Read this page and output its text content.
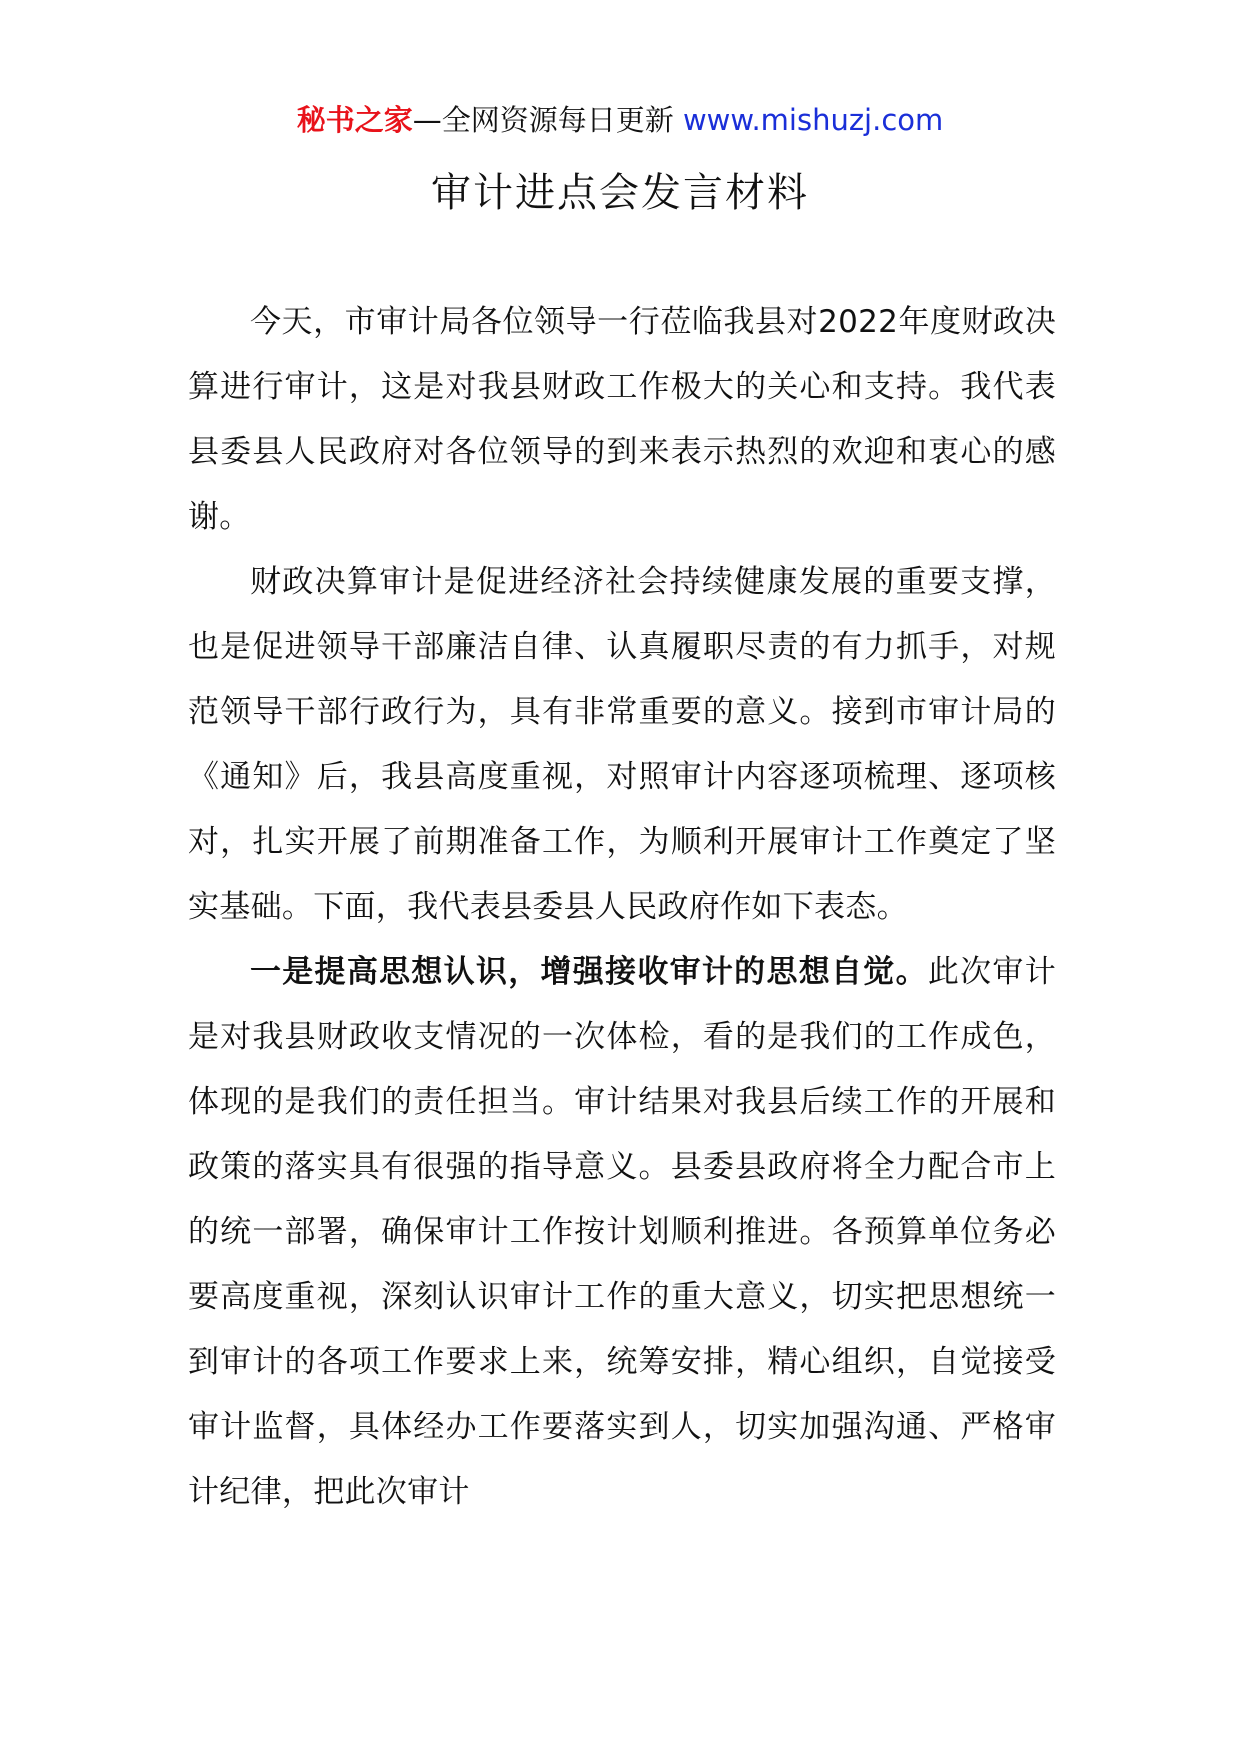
秘书之家—全网资源每日更新 www.mishuzj.com
审计进点会发言材料

今天，市审计局各位领导一行莅临我县对2022年度财政决算进行审计，这是对我县财政工作极大的关心和支持。我代表县委县人民政府对各位领导的到来表示热烈的欢迎和衷心的感谢。

财政决算审计是促进经济社会持续健康发展的重要支撑，也是促进领导干部廉洁自律、认真履职尽责的有力抓手，对规范领导干部行政行为，具有非常重要的意义。接到市审计局的《通知》后，我县高度重视，对照审计内容逐项梳理、逐项核对，扎实开展了前期准备工作，为顺利开展审计工作奠定了坚实基础。下面，我代表县委县人民政府作如下表态。

一是提高思想认识，增强接收审计的思想自觉。此次审计是对我县财政收支情况的一次体检，看的是我们的工作成色，体现的是我们的责任担当。审计结果对我县后续工作的开展和政策的落实具有很强的指导意义。县委县政府将全力配合市上的统一部署，确保审计工作按计划顺利推进。各预算单位务必要高度重视，深刻认识审计工作的重大意义，切实把思想统一到审计的各项工作要求上来，统筹安排，精心组织，自觉接受审计监督，具体经办工作要落实到人，切实加强沟通、严格审计纪律，把此次审计
